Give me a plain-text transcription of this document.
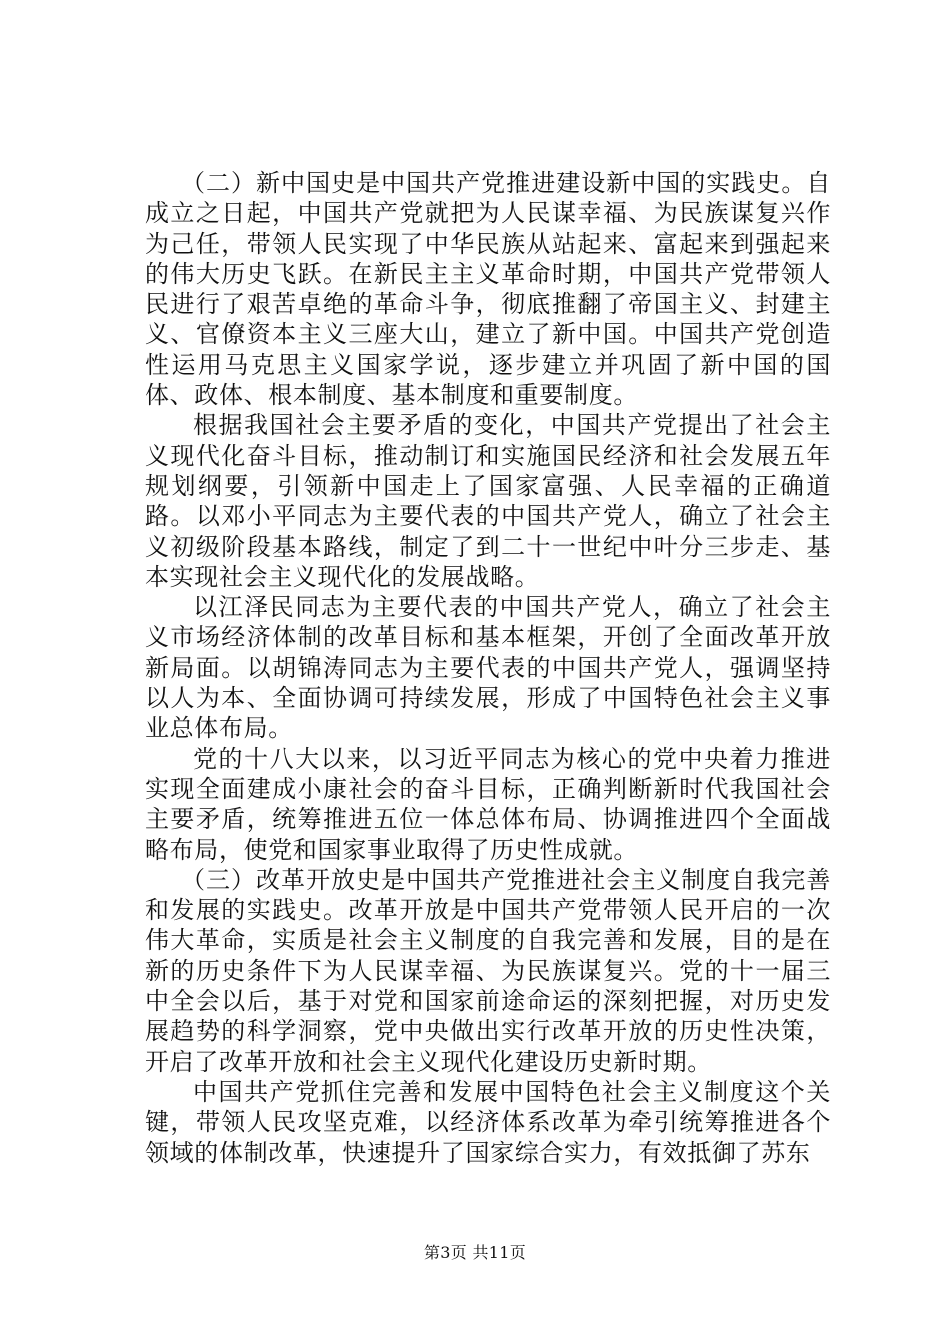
（二）新中国史是中国共产党推进建设新中国的实践史。自成立之日起，中国共产党就把为人民谋幸福、为民族谋复兴作为己任，带领人民实现了中华民族从站起来、富起来到强起来的伟大历史飞跃。在新民主主义革命时期，中国共产党带领人民进行了艰苦卓绝的革命斗争，彻底推翻了帝国主义、封建主义、官僚资本主义三座大山，建立了新中国。中国共产党创造性运用马克思主义国家学说，逐步建立并巩固了新中国的国体、政体、根本制度、基本制度和重要制度。

根据我国社会主要矛盾的变化，中国共产党提出了社会主义现代化奋斗目标，推动制订和实施国民经济和社会发展五年规划纲要，引领新中国走上了国家富强、人民幸福的正确道路。以邓小平同志为主要代表的中国共产党人，确立了社会主义初级阶段基本路线，制定了到二十一世纪中叶分三步走、基本实现社会主义现代化的发展战略。

以江泽民同志为主要代表的中国共产党人，确立了社会主义市场经济体制的改革目标和基本框架，开创了全面改革开放新局面。以胡锦涛同志为主要代表的中国共产党人，强调坚持以人为本、全面协调可持续发展，形成了中国特色社会主义事业总体布局。

党的十八大以来，以习近平同志为核心的党中央着力推进实现全面建成小康社会的奋斗目标，正确判断新时代我国社会主要矛盾，统筹推进五位一体总体布局、协调推进四个全面战略布局，使党和国家事业取得了历史性成就。

（三）改革开放史是中国共产党推进社会主义制度自我完善和发展的实践史。改革开放是中国共产党带领人民开启的一次伟大革命，实质是社会主义制度的自我完善和发展，目的是在新的历史条件下为人民谋幸福、为民族谋复兴。党的十一届三中全会以后，基于对党和国家前途命运的深刻把握，对历史发展趋势的科学洞察，党中央做出实行改革开放的历史性决策，开启了改革开放和社会主义现代化建设历史新时期。

中国共产党抓住完善和发展中国特色社会主义制度这个关键，带领人民攻坚克难，以经济体系改革为牵引统筹推进各个领域的体制改革，快速提升了国家综合实力，有效抵御了苏东

第3页 共11页
